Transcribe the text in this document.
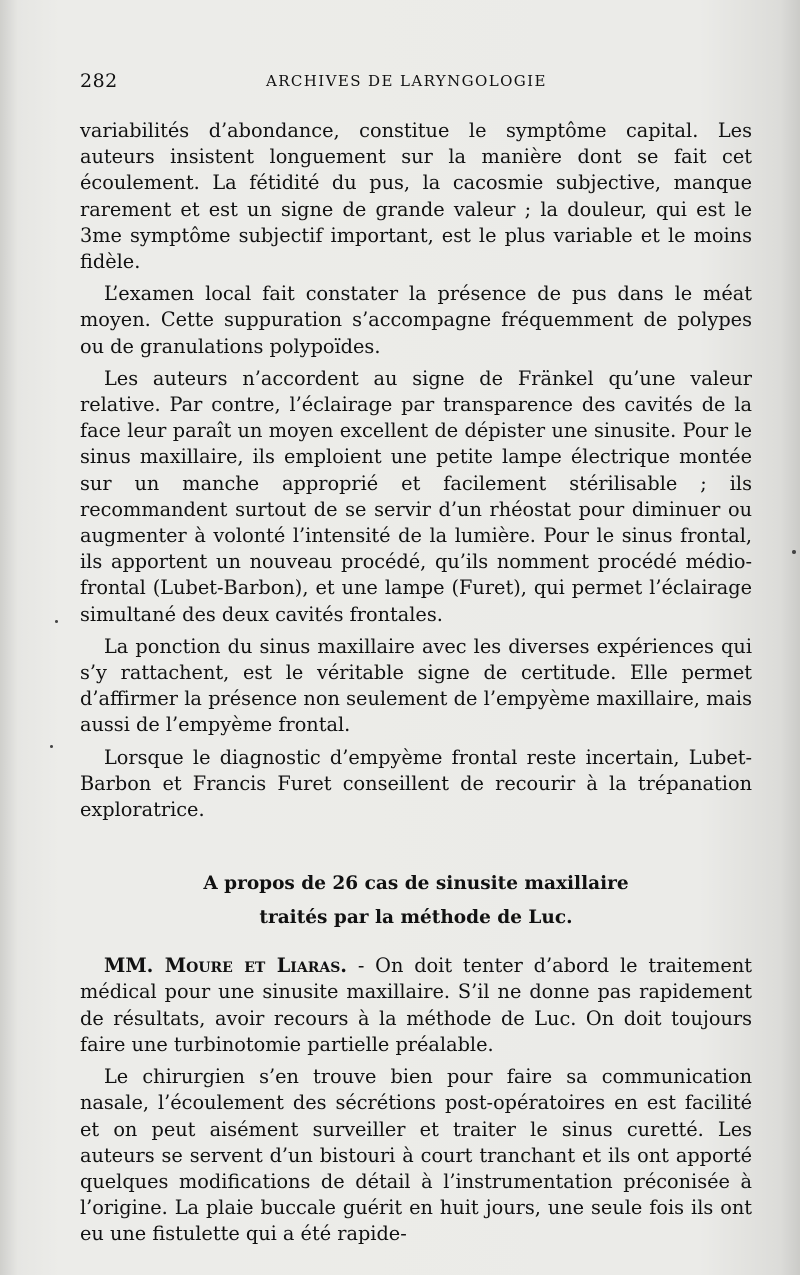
282	ARCHIVES DE LARYNGOLOGIE

variabilités d’abondance, constitue le symptôme capital. Les auteurs insistent longuement sur la manière dont se fait cet écoulement. La fétidité du pus, la cacosmie subjective, manque rarement et est un signe de grande valeur ; la douleur, qui est le 3me symptôme subjectif important, est le plus variable et le moins fidèle.

L’examen local fait constater la présence de pus dans le méat moyen. Cette suppuration s’accompagne fréquemment de polypes ou de granulations polypoïdes.

Les auteurs n’accordent au signe de Fränkel qu’une valeur relative. Par contre, l’éclairage par transparence des cavités de la face leur paraît un moyen excellent de dépister une sinusite. Pour le sinus maxillaire, ils emploient une petite lampe électrique montée sur un manche approprié et facilement stérilisable ; ils recommandent surtout de se servir d’un rhéostat pour diminuer ou augmenter à volonté l’intensité de la lumière. Pour le sinus frontal, ils apportent un nouveau procédé, qu’ils nomment procédé médio-frontal (Lubet-Barbon), et une lampe (Furet), qui permet l’éclairage simultané des deux cavités frontales.

La ponction du sinus maxillaire avec les diverses expériences qui s’y rattachent, est le véritable signe de certitude. Elle permet d’affirmer la présence non seulement de l’empyème maxillaire, mais aussi de l’empyème frontal.

Lorsque le diagnostic d’empyème frontal reste incertain, Lubet-Barbon et Francis Furet conseillent de recourir à la trépanation exploratrice.

A propos de 26 cas de sinusite maxillaire
traités par la méthode de Luc.

MM. Moure et Liaras. - On doit tenter d’abord le traitement médical pour une sinusite maxillaire. S’il ne donne pas rapidement de résultats, avoir recours à la méthode de Luc. On doit toujours faire une turbinotomie partielle préalable.

Le chirurgien s’en trouve bien pour faire sa communication nasale, l’écoulement des sécrétions post-opératoires en est facilité et on peut aisément surveiller et traiter le sinus curetté. Les auteurs se servent d’un bistouri à court tranchant et ils ont apporté quelques modifications de détail à l’instrumentation préconisée à l’origine. La plaie buccale guérit en huit jours, une seule fois ils ont eu une fistulette qui a été rapide-
